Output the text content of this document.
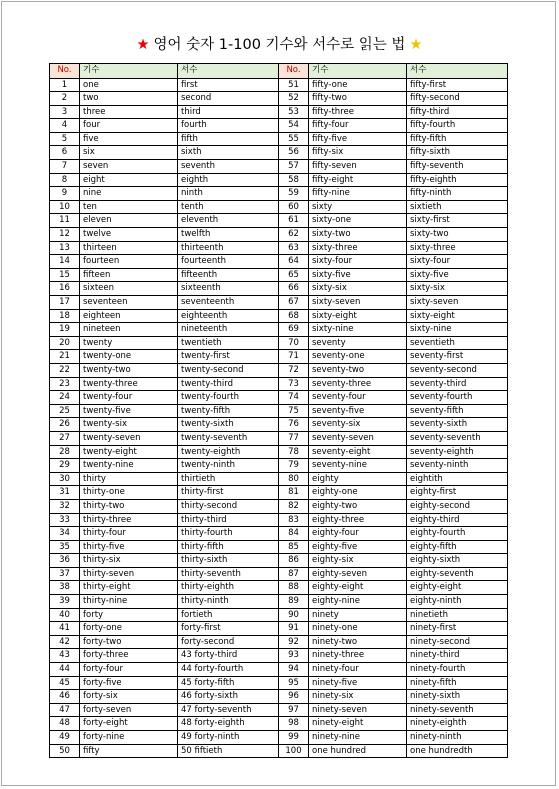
★ 영어 숫자 1-100 기수와 서수로 읽는 법 ★
No.	기수	서수	No.	기수	서수
1	one	first	51	fifty-one	fifty-first
2	two	second	52	fifty-two	fifty-second
3	three	third	53	fifty-three	fifty-third
4	four	fourth	54	fifty-four	fifty-fourth
5	five	fifth	55	fifty-five	fifty-fifth
6	six	sixth	56	fifty-six	fifty-sixth
7	seven	seventh	57	fifty-seven	fifty-seventh
8	eight	eighth	58	fifty-eight	fifty-eighth
9	nine	ninth	59	fifty-nine	fifty-ninth
10	ten	tenth	60	sixty	sixtieth
11	eleven	eleventh	61	sixty-one	sixty-first
12	twelve	twelfth	62	sixty-two	sixty-two
13	thirteen	thirteenth	63	sixty-three	sixty-three
14	fourteen	fourteenth	64	sixty-four	sixty-four
15	fifteen	fifteenth	65	sixty-five	sixty-five
16	sixteen	sixteenth	66	sixty-six	sixty-six
17	seventeen	seventeenth	67	sixty-seven	sixty-seven
18	eighteen	eighteenth	68	sixty-eight	sixty-eight
19	nineteen	nineteenth	69	sixty-nine	sixty-nine
20	twenty	twentieth	70	seventy	seventieth
21	twenty-one	twenty-first	71	seventy-one	seventy-first
22	twenty-two	twenty-second	72	seventy-two	seventy-second
23	twenty-three	twenty-third	73	seventy-three	seventy-third
24	twenty-four	twenty-fourth	74	seventy-four	seventy-fourth
25	twenty-five	twenty-fifth	75	seventy-five	seventy-fifth
26	twenty-six	twenty-sixth	76	seventy-six	seventy-sixth
27	twenty-seven	twenty-seventh	77	seventy-seven	seventy-seventh
28	twenty-eight	twenty-eighth	78	seventy-eight	seventy-eighth
29	twenty-nine	twenty-ninth	79	seventy-nine	seventy-ninth
30	thirty	thirtieth	80	eighty	eightith
31	thirty-one	thirty-first	81	eighty-one	eighty-first
32	thirty-two	thirty-second	82	eighty-two	eighty-second
33	thirty-three	thirty-third	83	eighty-three	eighty-third
34	thirty-four	thirty-fourth	84	eighty-four	eighty-fourth
35	thirty-five	thirty-fifth	85	eighty-five	eighty-fifth
36	thirty-six	thirty-sixth	86	eighty-six	eighty-sixth
37	thirty-seven	thirty-seventh	87	eighty-seven	eighty-seventh
38	thirty-eight	thirty-eighth	88	eighty-eight	eighty-eight
39	thirty-nine	thirty-ninth	89	eighty-nine	eighty-ninth
40	forty	fortieth	90	ninety	ninetieth
41	forty-one	forty-first	91	ninety-one	ninety-first
42	forty-two	forty-second	92	ninety-two	ninety-second
43	forty-three	43 forty-third	93	ninety-three	ninety-third
44	forty-four	44 forty-fourth	94	ninety-four	ninety-fourth
45	forty-five	45 forty-fifth	95	ninety-five	ninety-fifth
46	forty-six	46 forty-sixth	96	ninety-six	ninety-sixth
47	forty-seven	47 forty-seventh	97	ninety-seven	ninety-seventh
48	forty-eight	48 forty-eighth	98	ninety-eight	ninety-eighth
49	forty-nine	49 forty-ninth	99	ninety-nine	ninety-ninth
50	fifty	50 fiftieth	100	one hundred	one hundredth
